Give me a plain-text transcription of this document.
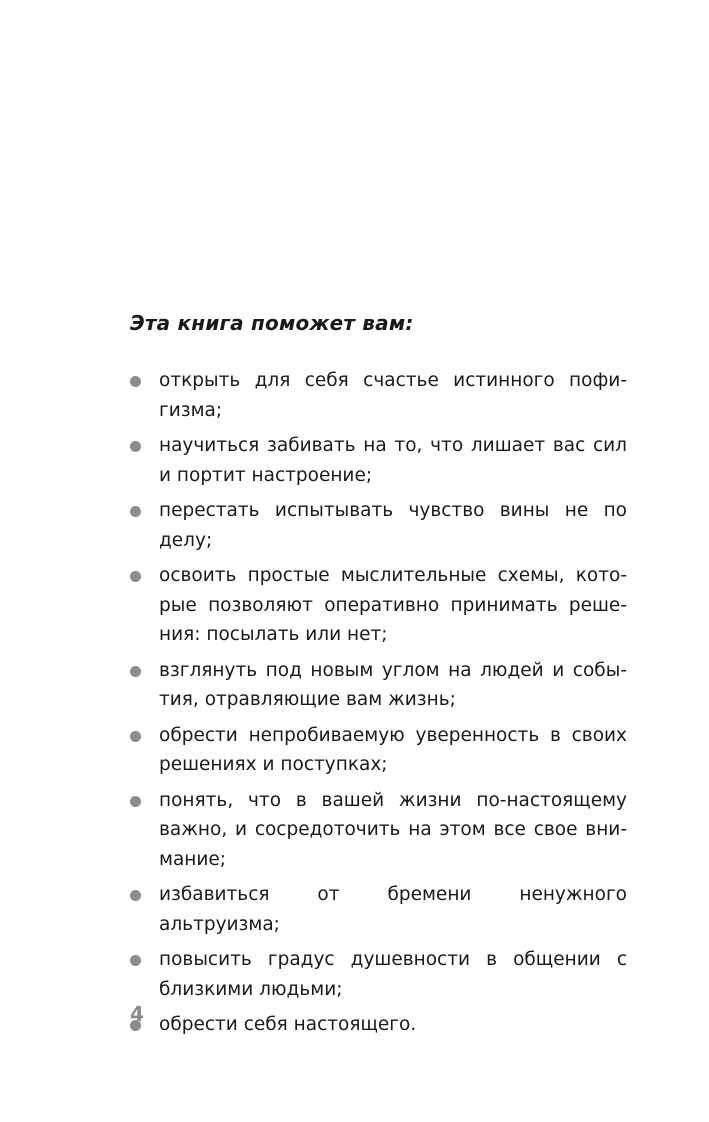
Эта книга поможет вам:
открыть для себя счастье истинного пофигизма;
научиться забивать на то, что лишает вас сил и портит настроение;
перестать испытывать чувство вины не по делу;
освоить простые мыслительные схемы, которые позволяют оперативно принимать решения: посылать или нет;
взглянуть под новым углом на людей и события, отравляющие вам жизнь;
обрести непробиваемую уверенность в своих решениях и поступках;
понять, что в вашей жизни по-настоящему важно, и сосредоточить на этом все свое внимание;
избавиться от бремени ненужного альтруизма;
повысить градус душевности в общении с близкими людьми;
обрести себя настоящего.
4
